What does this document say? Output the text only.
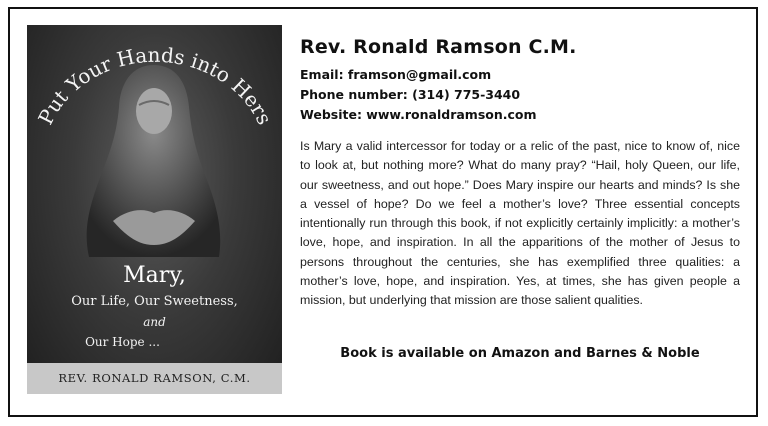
Put Your Hands into Hers
Mary,
Our Life, Our Sweetness,
and
Our Hope ...
REV. RONALD RAMSON, C.M.
Rev. Ronald Ramson C.M.
Email: framson@gmail.com
Phone number: (314) 775-3440
Website: www.ronaldramson.com
Is Mary a valid intercessor for today or a relic of the past, nice to know of, nice to look at, but nothing more? What do many pray? “Hail, holy Queen, our life, our sweetness, and out hope.” Does Mary inspire our hearts and minds? Is she a vessel of hope? Do we feel a mother’s love? Three essential concepts intentionally run through this book, if not explicitly certainly implicitly: a mother’s love, hope, and inspiration. In all the apparitions of the mother of Jesus to persons throughout the centuries, she has exemplified three qualities: a mother’s love, hope, and inspiration. Yes, at times, she has given people a mission, but underlying that mission are those salient qualities.
Book is available on Amazon and Barnes & Noble
